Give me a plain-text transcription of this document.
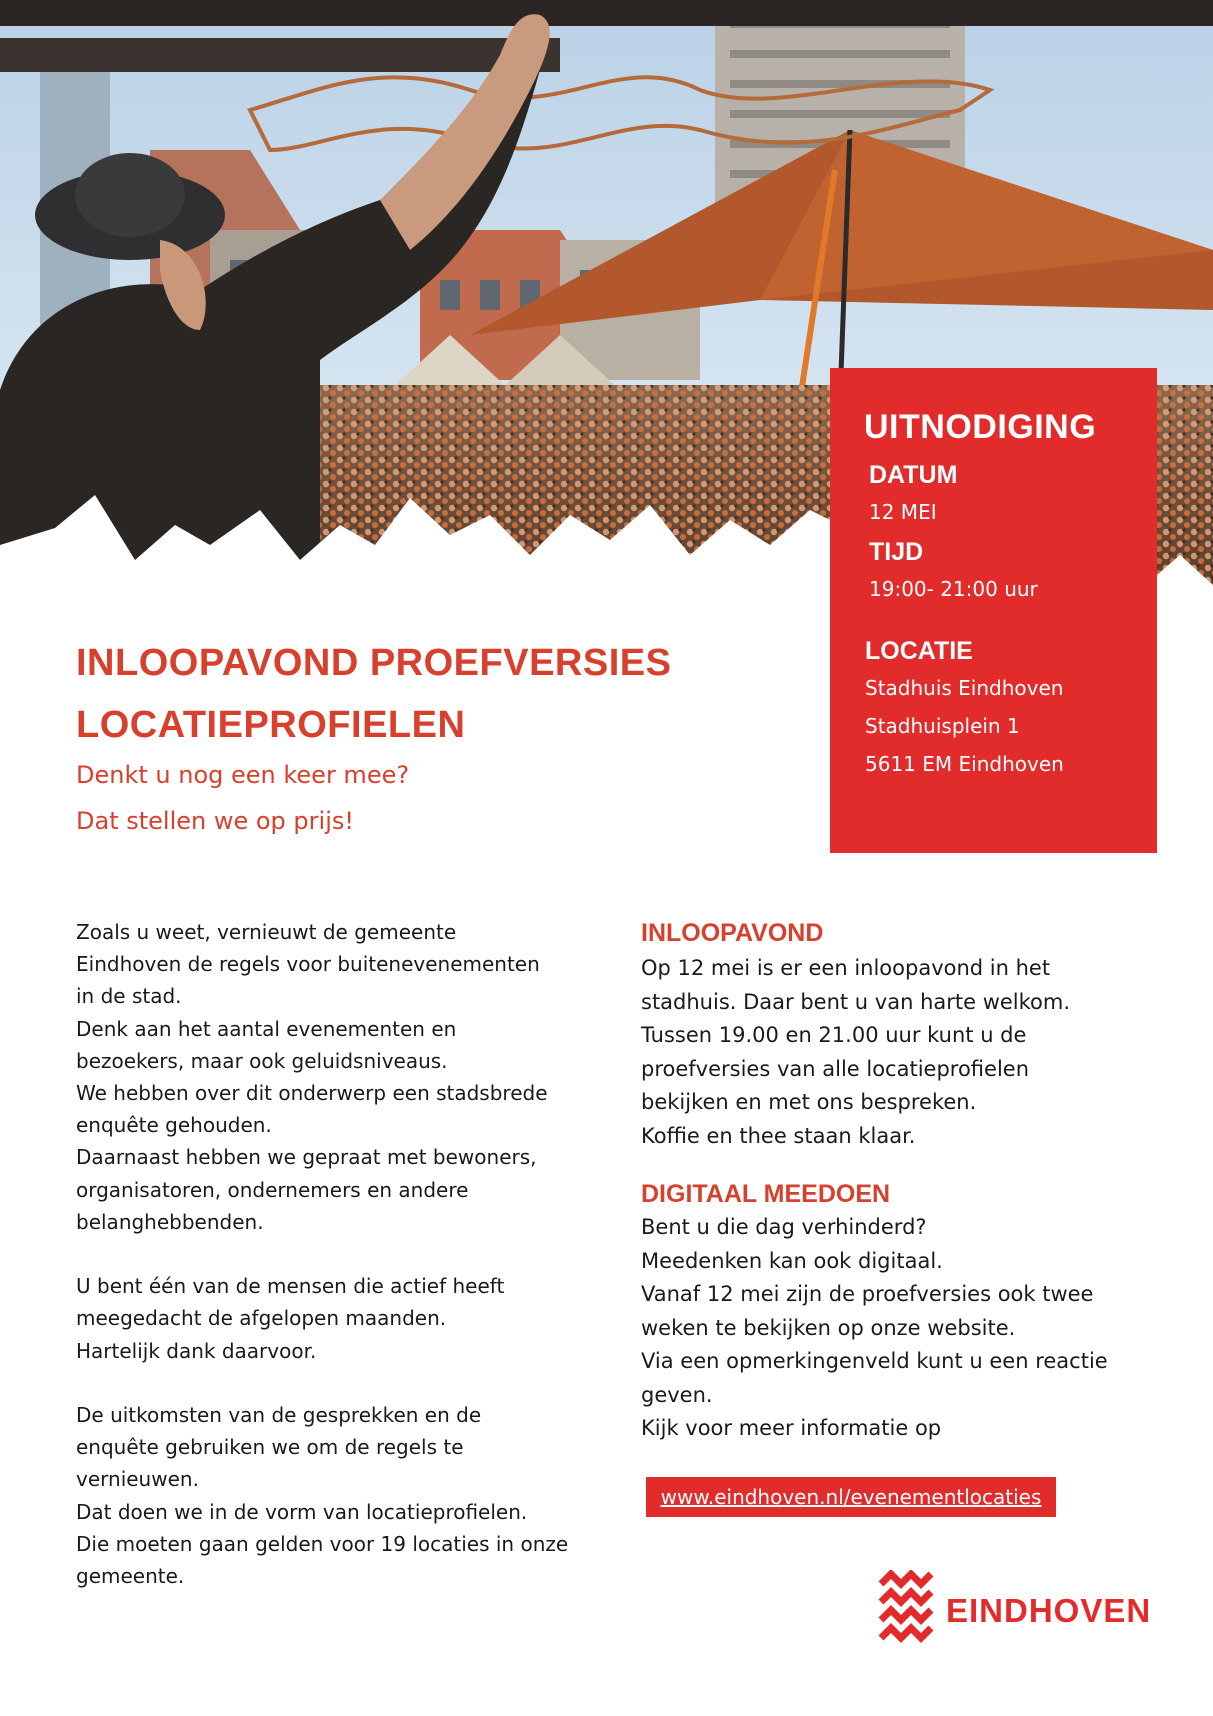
UITNODIGING
DATUM
12 MEI
TIJD
19:00- 21:00 uur
LOCATIE
Stadhuis Eindhoven
Stadhuisplein 1
5611 EM Eindhoven
INLOOPAVOND PROEFVERSIES
LOCATIEPROFIELEN
Denkt u nog een keer mee?
Dat stellen we op prijs!

Zoals u weet, vernieuwt de gemeente
Eindhoven de regels voor buitenevenementen
in de stad.
Denk aan het aantal evenementen en
bezoekers, maar ook geluidsniveaus.
We hebben over dit onderwerp een stadsbrede
enquête gehouden.
Daarnaast hebben we gepraat met bewoners,
organisatoren, ondernemers en andere
belanghebbenden.

U bent één van de mensen die actief heeft
meegedacht de afgelopen maanden.
Hartelijk dank daarvoor.

De uitkomsten van de gesprekken en de
enquête gebruiken we om de regels te
vernieuwen.
Dat doen we in de vorm van locatieprofielen.
Die moeten gaan gelden voor 19 locaties in onze
gemeente.

INLOOPAVOND
Op 12 mei is er een inloopavond in het
stadhuis. Daar bent u van harte welkom.
Tussen 19.00 en 21.00 uur kunt u de
proefversies van alle locatieprofielen
bekijken en met ons bespreken.
Koffie en thee staan klaar.
DIGITAAL MEEDOEN
Bent u die dag verhinderd?
Meedenken kan ook digitaal.
Vanaf 12 mei zijn de proefversies ook twee
weken te bekijken op onze website.
Via een opmerkingenveld kunt u een reactie
geven.
Kijk voor meer informatie op
www.eindhoven.nl/evenementlocaties
EINDHOVEN
